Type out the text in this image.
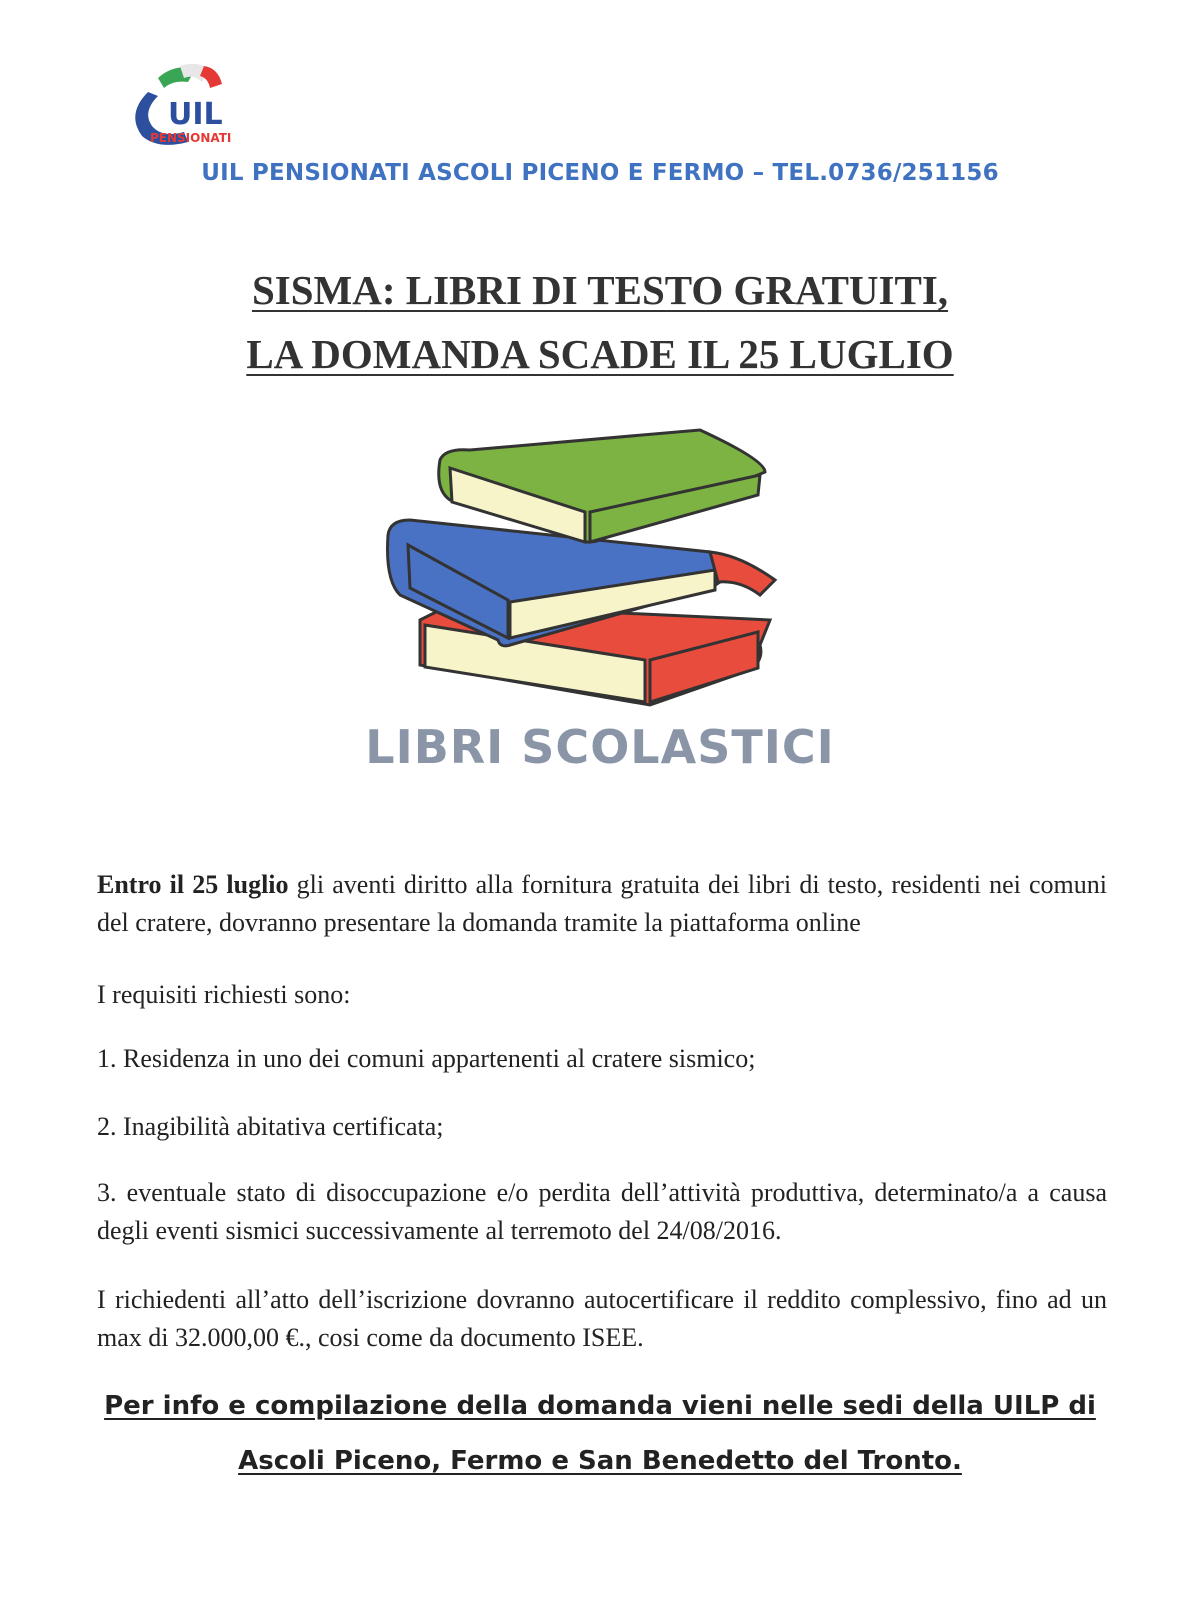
UIL
PENSIONATI
UIL PENSIONATI ASCOLI PICENO E FERMO – TEL.0736/251156
SISMA: LIBRI DI TESTO GRATUITI,
LA DOMANDA SCADE IL 25 LUGLIO
LIBRI SCOLASTICI

Entro il 25 luglio gli aventi diritto alla fornitura gratuita dei libri di testo, residenti nei comuni del cratere, dovranno presentare la domanda tramite la piattaforma online

I requisiti richiesti sono:
1. Residenza in uno dei comuni appartenenti al cratere sismico;
2. Inagibilità abitativa certificata;
3. eventuale stato di disoccupazione e/o perdita dell’attività produttiva, determinato/a a causa degli eventi sismici successivamente al terremoto del 24/08/2016.
I richiedenti all’atto dell’iscrizione dovranno autocertificare il reddito complessivo, fino ad un max di 32.000,00 €., cosi come da documento ISEE.
Per info e compilazione della domanda vieni nelle sedi della UILP di
Ascoli Piceno, Fermo e San Benedetto del Tronto.
